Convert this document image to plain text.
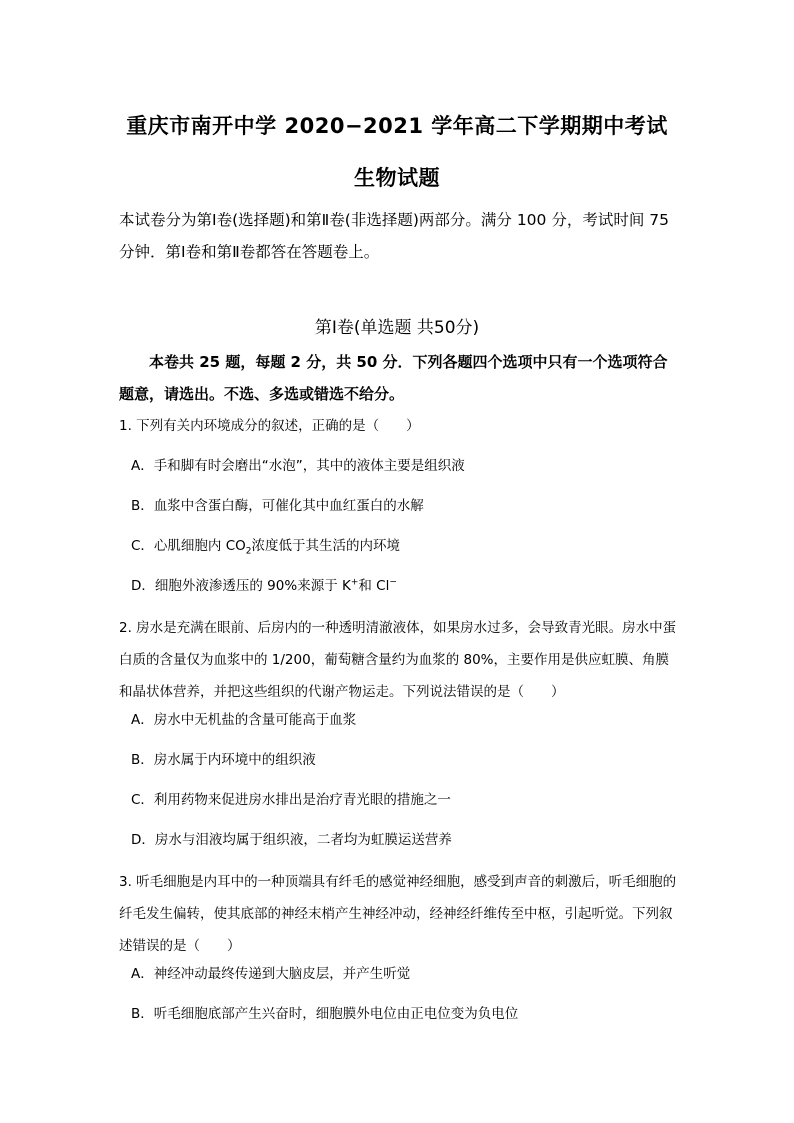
重庆市南开中学 2020−2021 学年高二下学期期中考试
生物试题
本试卷分为第Ⅰ卷(选择题)和第Ⅱ卷(非选择题)两部分。满分 100 分，考试时间 75 分钟．第Ⅰ卷和第Ⅱ卷都答在答题卷上。
第Ⅰ卷(单选题 共50分)
本卷共 25 题，每题 2 分，共 50 分．下列各题四个选项中只有一个选项符合题意，请选出。不选、多选或错选不给分。
1. 下列有关内环境成分的叙述，正确的是（　　）
A．手和脚有时会磨出“水泡”，其中的液体主要是组织液
B．血浆中含蛋白酶，可催化其中血红蛋白的水解
C．心肌细胞内 $CO_2$浓度低于其生活的内环境
D．细胞外液渗透压的 90%来源于 K+和 Cl−
2. 房水是充满在眼前、后房内的一种透明清澈液体，如果房水过多，会导致青光眼。房水中蛋白质的含量仅为血浆中的 1/200，葡萄糖含量约为血浆的 80%，主要作用是供应虹膜、角膜和晶状体营养，并把这些组织的代谢产物运走。下列说法错误的是（　　）
A．房水中无机盐的含量可能高于血浆
B．房水属于内环境中的组织液
C．利用药物来促进房水排出是治疗青光眼的措施之一
D．房水与泪液均属于组织液，二者均为虹膜运送营养
3. 听毛细胞是内耳中的一种顶端具有纤毛的感觉神经细胞，感受到声音的刺激后，听毛细胞的纤毛发生偏转，使其底部的神经末梢产生神经冲动，经神经纤维传至中枢，引起听觉。下列叙述错误的是（　　）
A．神经冲动最终传递到大脑皮层，并产生听觉
B．听毛细胞底部产生兴奋时，细胞膜外电位由正电位变为负电位
